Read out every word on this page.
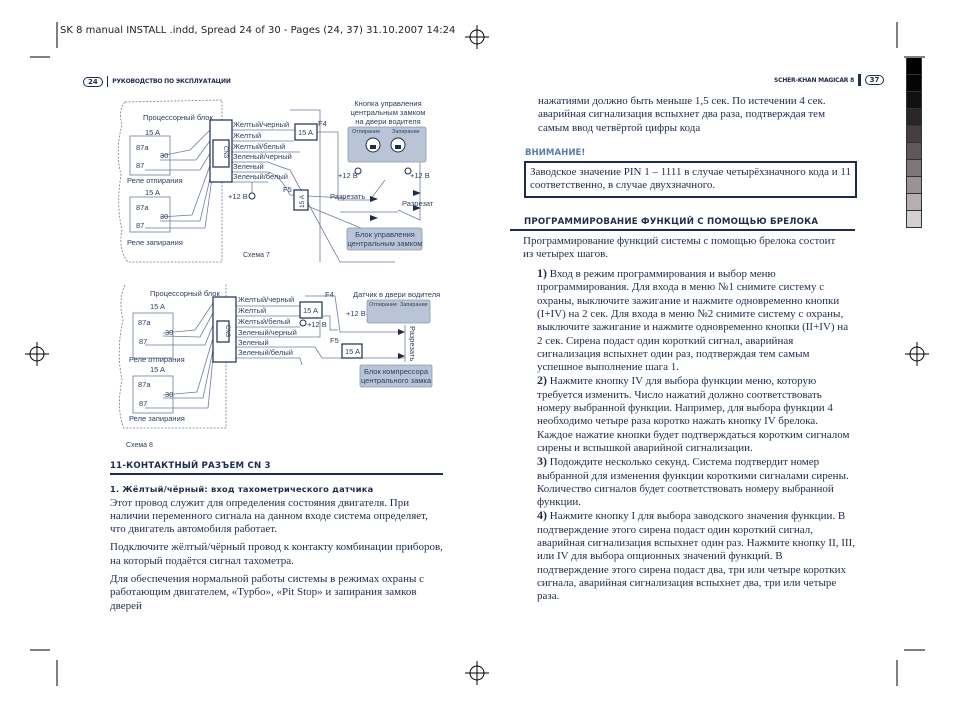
SK 8 manual INSTALL .indd, Spread 24 of 30 - Pages (24, 37) 31.10.2007 14:24
24	РУКОВОДСТВО ПО ЭКСПЛУАТАЦИИ	SCHER-KHAN MAGICAR 8	37
Процессорный блок
15 A
87a
30
87
Реле отпирания
15 A
87a
30
87
Реле запирания
CN3
Желтый/черный
Желтый
Желтый/белый
Зеленый/черный
Зеленый
Зеленый/белый
+12 В
15 A
F4
15 A
F5
Кнопка управления
центральным замком
на двери водителя
Отпирание Запирание
+12 В	+12 В
Разрезать
Разрезат
Блок управления
центральным замком
Схема 7
Процессорный блок
15 A
87a
30
87
Реле отпирания
15 A
87a
30
87
Реле запирания
CN3
Желтый/черный
Желтый
Желтый/белый
Зеленый/черный
Зеленый
Зеленый/белый
+12 В
15 A
F4
15 A
F5
Датчик в двери водителя
Отпирание Запирание
+12 В
Разрезать
Блок компрессора
центрального замка
Схема 8
11-КОНТАКТНЫЙ РАЗЪЕМ CN 3
1. Жёлтый/чёрный: вход тахометрического датчика

Этот провод служит для определения состояния двигателя. При наличии переменного сигнала на данном входе система определяет, что двигатель автомобиля работает.

Подключите жёлтый/чёрный провод к контакту комбинации приборов, на который подаётся сигнал тахометра.

Для обеспечения нормальной работы системы в режимах охраны с работающим двигателем, «Турбо», «Pit Stop» и запирания замков дверей

нажатиями должно быть меньше 1,5 сек. По истечении 4 сек. аварийная сигнализация вспыхнет два раза, подтверждая тем самым ввод четвёртой цифры кода

ВНИМАНИЕ!
Заводское значение PIN 1 – 1111 в случае четырёхзначного кода и 11 соответственно, в случае двухзначного.
ПРОГРАММИРОВАНИЕ ФУНКЦИЙ С ПОМОЩЬЮ БРЕЛОКА

Программирование функций системы с помощью брелока состоит из четырех шагов.

1) Вход в режим программирования и выбор меню программирования. Для входа в меню №1 снимите систему с охраны, выключите зажигание и нажмите одновременно кнопки (I+IV) на 2 сек. Для входа в меню №2 снимите систему с охраны, выключите зажигание и нажмите одновременно кнопки (II+IV) на 2 сек. Сирена подаст один короткий сигнал, аварийная сигнализация вспыхнет один раз, подтверждая тем самым успешное выполнение шага 1.

2) Нажмите кнопку IV для выбора функции меню, которую требуется изменить. Число нажатий должно соответствовать номеру выбранной функции. Например, для выбора функции 4 необходимо четыре раза коротко нажать кнопку IV брелока. Каждое нажатие кнопки будет подтверждаться коротким сигналом сирены и вспышкой аварийной сигнализации.

3) Подождите несколько секунд. Система подтвердит номер выбранной для изменения функции короткими сигналами сирены. Количество сигналов будет соответствовать номеру выбранной функции.

4) Нажмите кнопку I для выбора заводского значения функции. В подтверждение этого сирена подаст один короткий сигнал, аварийная сигнализация вспыхнет один раз. Нажмите кнопку II, III, или IV для выбора опционных значений функций. В подтверждение этого сирена подаст два, три или четыре коротких сигнала, аварийная сигнализация вспыхнет два, три или четыре раза.
